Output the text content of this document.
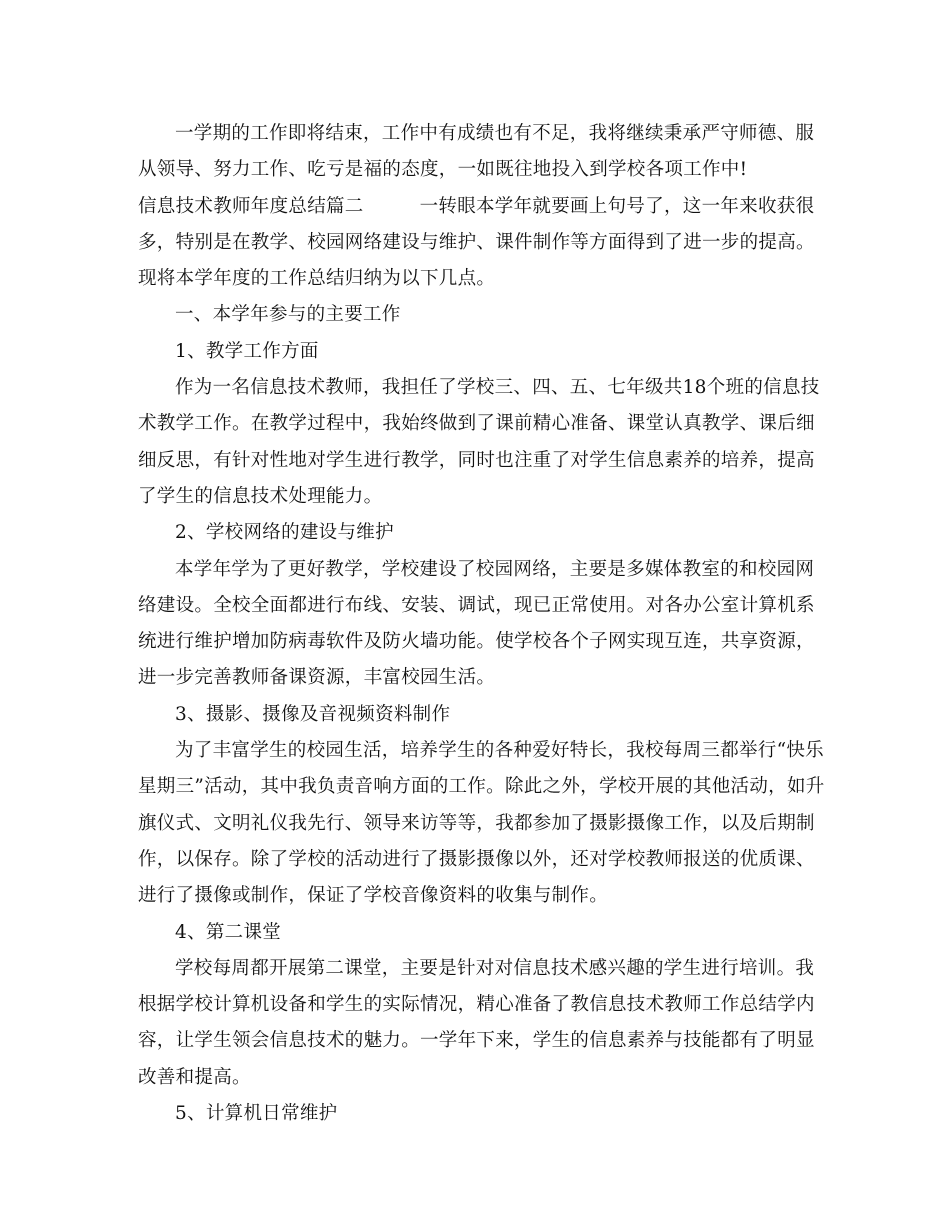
一学期的工作即将结束，工作中有成绩也有不足，我将继续秉承严守师德、服从领导、努力工作、吃亏是福的态度，一如既往地投入到学校各项工作中!

信息技术教师年度总结篇二	一转眼本学年就要画上句号了，这一年来收获很多，特别是在教学、校园网络建设与维护、课件制作等方面得到了进一步的提高。现将本学年度的工作总结归纳为以下几点。

一、本学年参与的主要工作

1、教学工作方面

作为一名信息技术教师，我担任了学校三、四、五、七年级共18个班的信息技术教学工作。在教学过程中，我始终做到了课前精心准备、课堂认真教学、课后细细反思，有针对性地对学生进行教学，同时也注重了对学生信息素养的培养，提高了学生的信息技术处理能力。

2、学校网络的建设与维护

本学年学为了更好教学，学校建设了校园网络，主要是多媒体教室的和校园网络建设。全校全面都进行布线、安装、调试，现已正常使用。对各办公室计算机系统进行维护增加防病毒软件及防火墙功能。使学校各个子网实现互连，共享资源，进一步完善教师备课资源，丰富校园生活。

3、摄影、摄像及音视频资料制作

为了丰富学生的校园生活，培养学生的各种爱好特长，我校每周三都举行“快乐星期三”活动，其中我负责音响方面的工作。除此之外，学校开展的其他活动，如升旗仪式、文明礼仪我先行、领导来访等等，我都参加了摄影摄像工作，以及后期制作，以保存。除了学校的活动进行了摄影摄像以外，还对学校教师报送的优质课、进行了摄像或制作，保证了学校音像资料的收集与制作。

4、第二课堂

学校每周都开展第二课堂，主要是针对对信息技术感兴趣的学生进行培训。我根据学校计算机设备和学生的实际情况，精心准备了教信息技术教师工作总结学内容，让学生领会信息技术的魅力。一学年下来，学生的信息素养与技能都有了明显改善和提高。

5、计算机日常维护
